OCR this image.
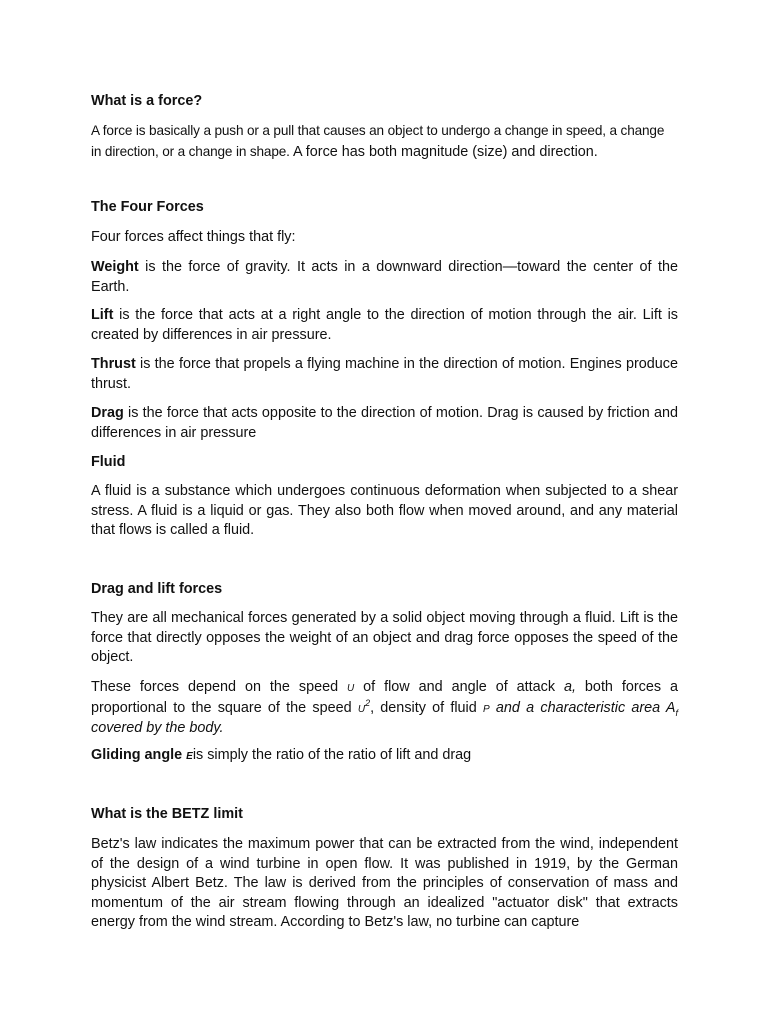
What is a force?
A force is basically a push or a pull that causes an object to undergo a change in speed, a change in direction, or a change in shape. A force has both magnitude (size) and direction.
The Four Forces
Four forces affect things that fly:
Weight is the force of gravity. It acts in a downward direction—toward the center of the Earth.
Lift is the force that acts at a right angle to the direction of motion through the air. Lift is created by differences in air pressure.
Thrust is the force that propels a flying machine in the direction of motion. Engines produce thrust.
Drag is the force that acts opposite to the direction of motion. Drag is caused by friction and differences in air pressure
Fluid
A fluid is a substance which undergoes continuous deformation when subjected to a shear stress. A fluid is a liquid or gas. They also both flow when moved around, and any material that flows is called a fluid.
Drag and lift forces
They are all mechanical forces generated by a solid object moving through a fluid. Lift is the force that directly opposes the weight of an object and drag force opposes the speed of the object.
These forces depend on the speed U of flow and angle of attack a, both forces a proportional to the square of the speed $U^2$, density of fluid P and a characteristic area $A_f$ covered by the body.
Gliding angle Eis simply the ratio of the ratio of lift and drag
What is the BETZ limit
Betz's law indicates the maximum power that can be extracted from the wind, independent of the design of a wind turbine in open flow. It was published in 1919, by the German physicist Albert Betz. The law is derived from the principles of conservation of mass and momentum of the air stream flowing through an idealized "actuator disk" that extracts energy from the wind stream. According to Betz's law, no turbine can capture
